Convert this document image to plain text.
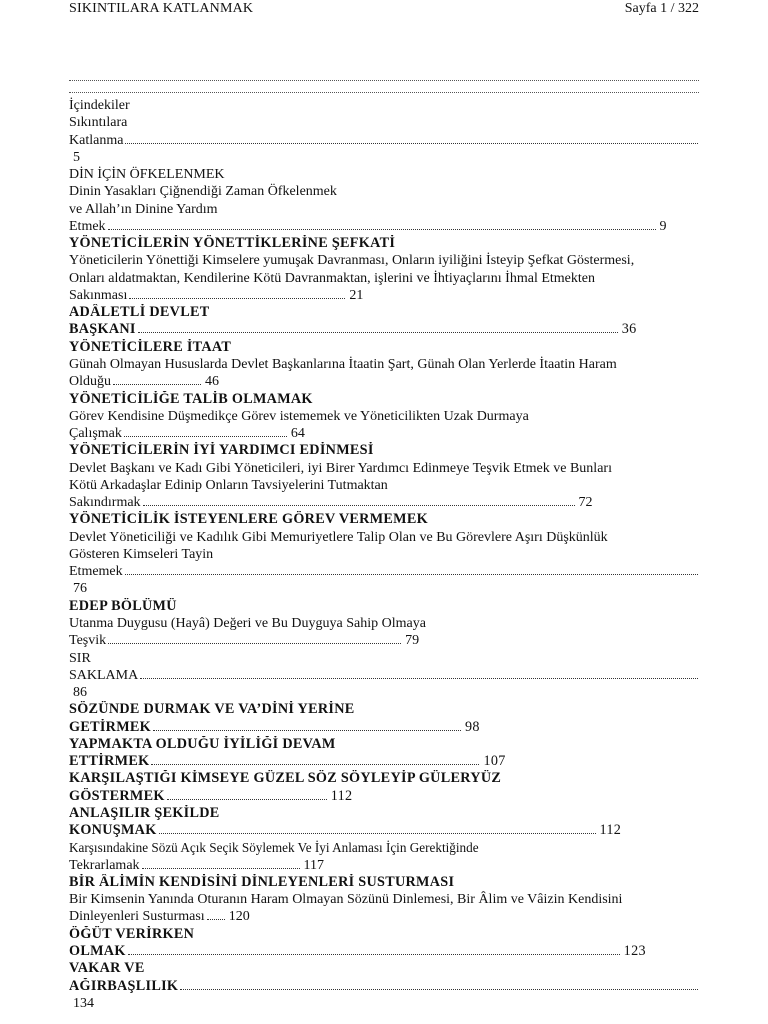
SIKINTILARA KATLANMAK	Sayfa 1 / 322
İçindekiler
Sıkıntılara
Katlanma
5
DİN İÇİN ÖFKELENMEK
Dinin Yasakları Çiğnendiği Zaman Öfkelenmek
ve Allah’ın Dinine Yardım
Etmek	9
YÖNETİCİLERİN YÖNETTİKLERİNE ŞEFKATİ
Yöneticilerin Yönettiği Kimselere yumuşak Davranması, Onların iyiliğini İsteyip Şefkat Göstermesi,
Onları aldatmaktan, Kendilerine Kötü Davranmaktan, işlerini ve İhtiyaçlarını İhmal Etmekten
Sakınması	21
ADÂLETLİ DEVLET
BAŞKANI	36
YÖNETİCİLERE İTAAT
Günah Olmayan Hususlarda Devlet Başkanlarına İtaatin Şart, Günah Olan Yerlerde İtaatin Haram
Olduğu	46
YÖNETİCİLİĞE TALİB OLMAMAK
Görev Kendisine Düşmedikçe Görev istememek ve Yöneticilikten Uzak Durmaya
Çalışmak	64
YÖNETİCİLERİN İYİ YARDIMCI EDİNMESİ
Devlet Başkanı ve Kadı Gibi Yöneticileri, iyi Birer Yardımcı Edinmeye Teşvik Etmek ve Bunları
Kötü Arkadaşlar Edinip Onların Tavsiyelerini Tutmaktan
Sakındırmak	72
YÖNETİCİLİK İSTEYENLERE GÖREV VERMEMEK
Devlet Yöneticiliği ve Kadılık Gibi Memuriyetlere Talip Olan ve Bu Görevlere Aşırı Düşkünlük
Gösteren Kimseleri Tayin
Etmemek
76
EDEP BÖLÜMÜ
Utanma Duygusu (Hayâ) Değeri ve Bu Duyguya Sahip Olmaya
Teşvik	79
SIR
SAKLAMA
86
SÖZÜNDE DURMAK VE VA’DİNİ YERİNE
GETİRMEK	98
YAPMAKTA OLDUĞU İYİLİĞİ DEVAM
ETTİRMEK	107
KARŞILAŞTIĞI KİMSEYE GÜZEL SÖZ SÖYLEYİP GÜLERYÜZ
GÖSTERMEK	112
ANLAŞILIR ŞEKİLDE
KONUŞMAK	112
Karşısındakine Sözü Açık Seçik Söylemek Ve İyi Anlaması İçin Gerektiğinde
Tekrarlamak	117
BİR ÂLİMİN KENDİSİNİ DİNLEYENLERİ SUSTURMASI
Bir Kimsenin Yanında Oturanın Haram Olmayan Sözünü Dinlemesi, Bir Âlim ve Vâizin Kendisini
Dinleyenleri Susturması 120
ÖĞÜT VERİRKEN
OLMAK	123
VAKAR VE
AĞIRBAŞLILIK
134
